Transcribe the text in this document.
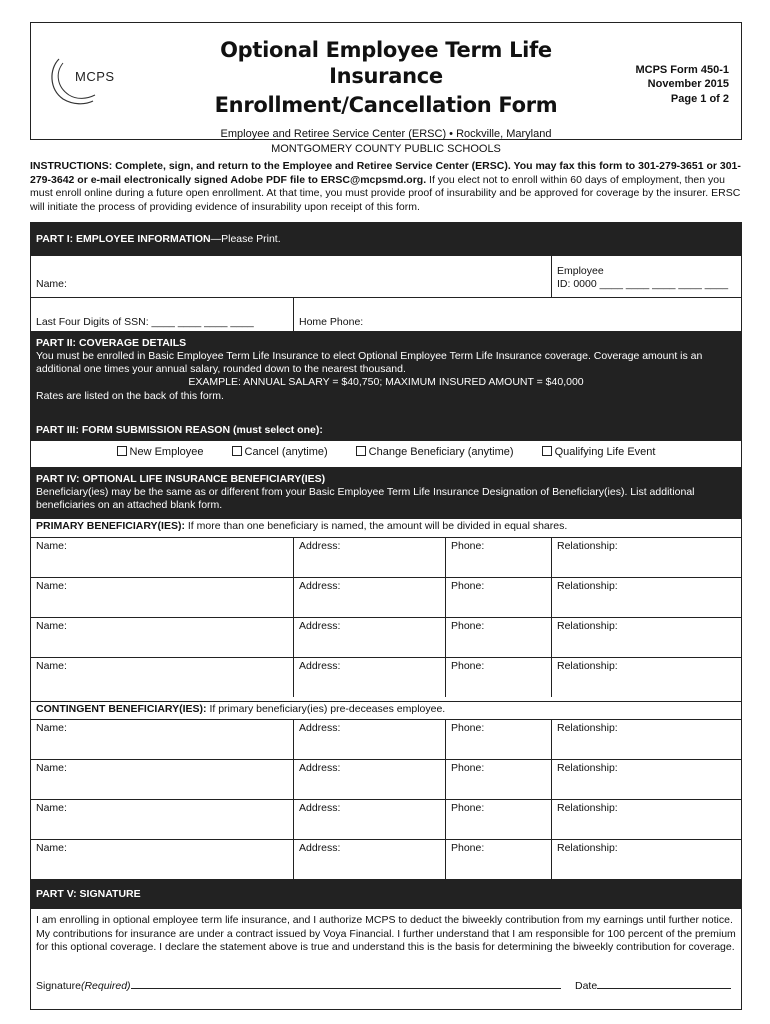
MCPS
Optional Employee Term Life Insurance
Enrollment/Cancellation Form
Employee and Retiree Service Center (ERSC) • Rockville, Maryland
MONTGOMERY COUNTY PUBLIC SCHOOLS
MCPS Form 450-1
November 2015
Page 1 of 2
INSTRUCTIONS: Complete, sign, and return to the Employee and Retiree Service Center (ERSC). You may fax this form to 301-279-3651 or 301-279-3642 or e-mail electronically signed Adobe PDF file to ERSC@mcpsmd.org. If you elect not to enroll within 60 days of employment, then you must enroll online during a future open enrollment. At that time, you must provide proof of insurability and be approved for coverage by the insurer. ERSC will initiate the process of providing evidence of insurability upon receipt of this form.
PART I: EMPLOYEE INFORMATION—Please Print.
Name:
Employee
ID: 0000 ____ ____ ____ ____ ____
Last Four Digits of SSN: ____ ____ ____ ____	Home Phone:
PART II: COVERAGE DETAILS
You must be enrolled in Basic Employee Term Life Insurance to elect Optional Employee Term Life Insurance coverage. Coverage amount is an additional one times your annual salary, rounded down to the nearest thousand.
EXAMPLE: ANNUAL SALARY = $40,750; MAXIMUM INSURED AMOUNT = $40,000
Rates are listed on the back of this form.
PART III: FORM SUBMISSION REASON (must select one):
New Employee	Cancel (anytime)	Change Beneficiary (anytime)	Qualifying Life Event
PART IV: OPTIONAL LIFE INSURANCE BENEFICIARY(IES)
Beneficiary(ies) may be the same as or different from your Basic Employee Term Life Insurance Designation of Beneficiary(ies). List additional beneficiaries on an attached blank form.
PRIMARY BENEFICIARY(IES): If more than one beneficiary is named, the amount will be divided in equal shares.
Name:	Address:	Phone:	Relationship:
Name:	Address:	Phone:	Relationship:
Name:	Address:	Phone:	Relationship:
Name:	Address:	Phone:	Relationship:
CONTINGENT BENEFICIARY(IES): If primary beneficiary(ies) pre-deceases employee.
Name:	Address:	Phone:	Relationship:
Name:	Address:	Phone:	Relationship:
Name:	Address:	Phone:	Relationship:
Name:	Address:	Phone:	Relationship:
PART V: SIGNATURE
I am enrolling in optional employee term life insurance, and I authorize MCPS to deduct the biweekly contribution from my earnings until further notice. My contributions for insurance are under a contract issued by Voya Financial. I further understand that I am responsible for 100 percent of the premium for this optional coverage. I declare the statement above is true and understand this is the basis for determining the biweekly contribution for coverage.
Signature(Required)	Date
